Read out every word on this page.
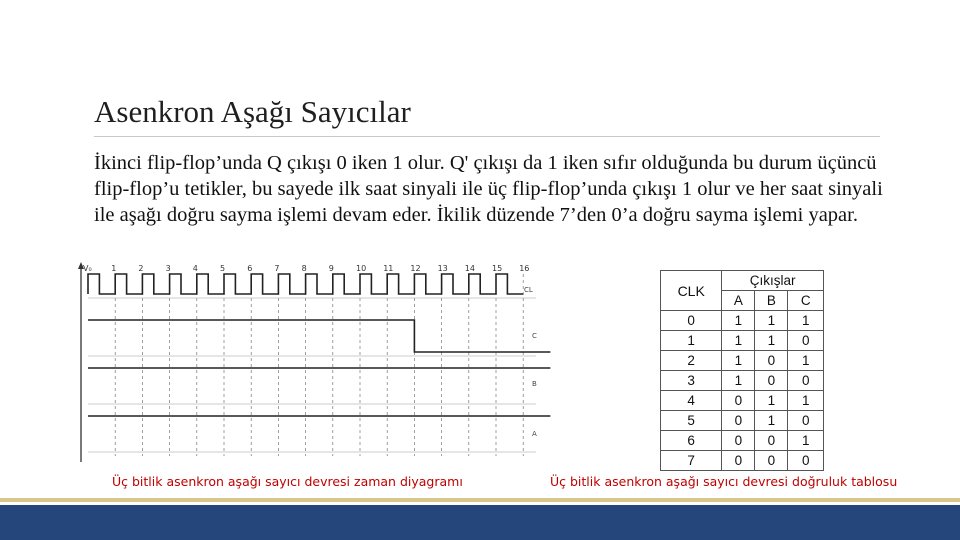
Asenkron Aşağı Sayıcılar
İkinci flip-flop’unda Q çıkışı 0 iken 1 olur. Q' çıkışı da 1 iken sıfır olduğunda bu durum üçüncü flip-flop’u tetikler, bu sayede ilk saat sinyali ile üç flip-flop’unda çıkışı 1 olur ve her saat sinyali ile aşağı doğru sayma işlemi devam eder. İkilik düzende 7’den 0’a doğru sayma işlemi yapar.
V₀ 1	2	3	4	5	6	7	8	9	10 11 12 13 14 15 16
CL
C
B
A
CLK	Çıkışlar		
	A	B	C
0	1	1	1
1	1	1	0
2	1	0	1
3	1	0	0
4	0	1	1
5	0	1	0
6	0	0	1
7	0	0	0
Üç bitlik asenkron aşağı sayıcı devresi zaman diyagramı	Üç bitlik asenkron aşağı sayıcı devresi doğruluk tablosu
